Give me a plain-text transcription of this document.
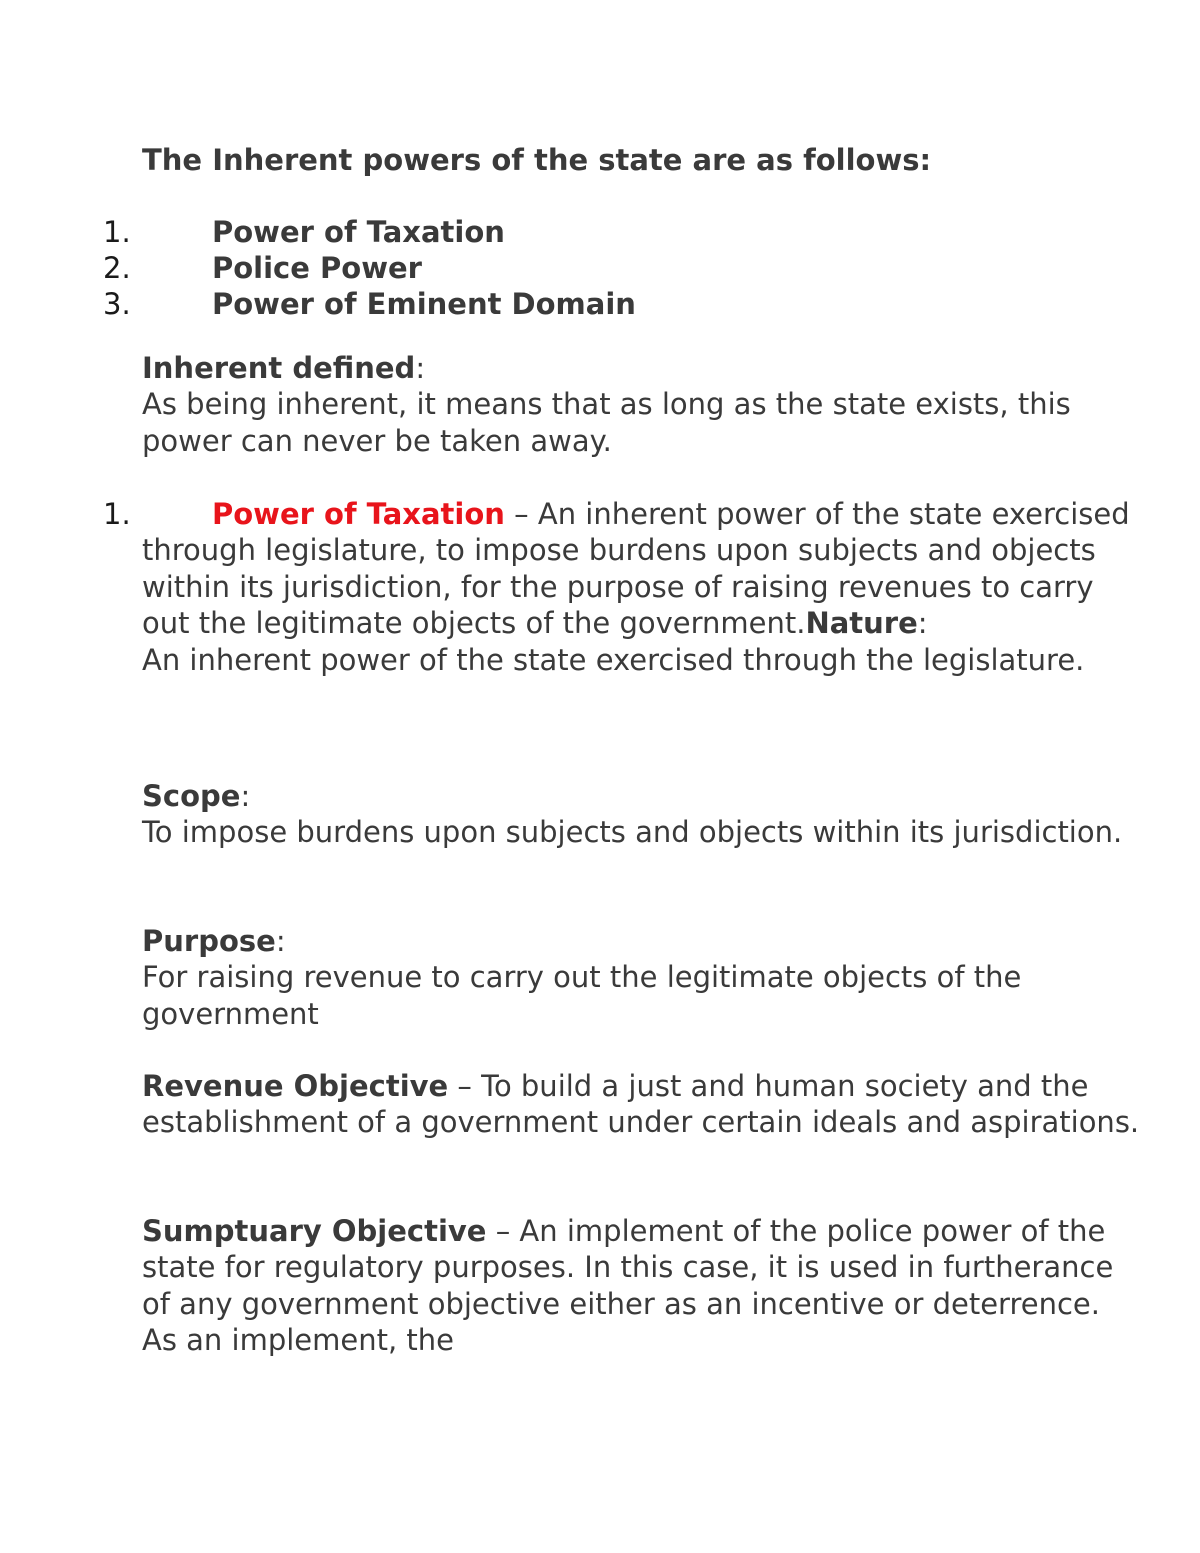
The Inherent powers of the state are as follows:
1.	Power of Taxation
2.	Police Power
3.	Power of Eminent Domain
Inherent defined:
As being inherent, it means that as long as the state exists, this power can never be taken away.
1.	Power of Taxation – An inherent power of the state exercised through legislature, to impose burdens upon subjects and objects within its jurisdiction, for the purpose of raising revenues to carry out the legitimate objects of the government.Nature:
An inherent power of the state exercised through the legislature.
Scope:
To impose burdens upon subjects and objects within its jurisdiction.
Purpose:
For raising revenue to carry out the legitimate objects of the government
Revenue Objective – To build a just and human society and the establishment of a government under certain ideals and aspirations.
Sumptuary Objective – An implement of the police power of the state for regulatory purposes. In this case, it is used in furtherance of any government objective either as an incentive or deterrence. As an implement, the
